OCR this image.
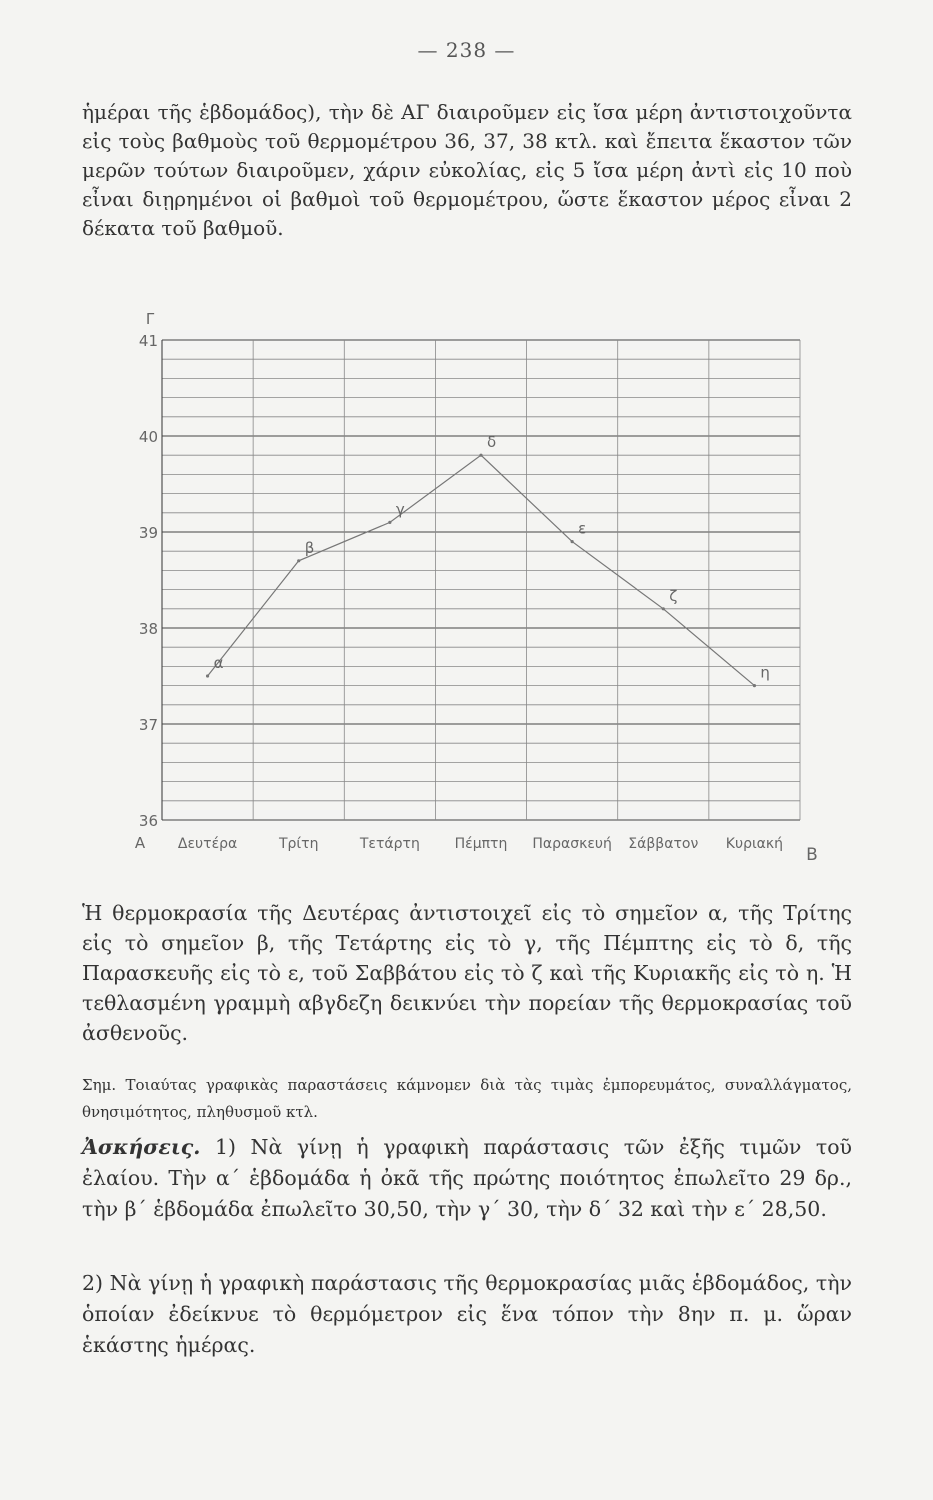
— 238 —
ἡμέραι τῆς ἑβδομάδος), τὴν δὲ ΑΓ διαιροῦμεν εἰς ἴσα μέρη ἀντιστοιχοῦντα εἰς τοὺς βαθμοὺς τοῦ θερμομέτρου 36, 37, 38 κτλ. καὶ ἔπειτα ἕκαστον τῶν μερῶν τούτων διαιροῦμεν, χάριν εὐκολίας, εἰς 5 ἴσα μέρη ἀντὶ εἰς 10 ποὺ εἶναι διῃρημένοι οἱ βαθμοὶ τοῦ θερμομέτρου, ὥστε ἕκαστον μέρος εἶναι 2 δέκατα τοῦ βαθμοῦ.
36
37
38
39
40
41
Γ
Α
Β
Δευτέρα	Τρίτη	Τετάρτη Πέμπτη Παρασκευή Σάββατον Κυριακή
α
β
γ
δ
ε
ζ
η
Ἡ θερμοκρασία τῆς Δευτέρας ἀντιστοιχεῖ εἰς τὸ σημεῖον α, τῆς Τρίτης εἰς τὸ σημεῖον β, τῆς Τετάρτης εἰς τὸ γ, τῆς Πέμπτης εἰς τὸ δ, τῆς Παρασκευῆς εἰς τὸ ε, τοῦ Σαββάτου εἰς τὸ ζ καὶ τῆς Κυριακῆς εἰς τὸ η. Ἡ τεθλασμένη γραμμὴ αβγδεζη δεικνύει τὴν πορείαν τῆς θερμοκρασίας τοῦ ἀσθενοῦς.
Σημ. Τοιαύτας γραφικὰς παραστάσεις κάμνομεν διὰ τὰς τιμὰς ἐμπορευμάτος, συναλλάγματος, θνησιμότητος, πληθυσμοῦ κτλ.
Ἀσκήσεις. 1) Νὰ γίνῃ ἡ γραφικὴ παράστασις τῶν ἐξῆς τιμῶν τοῦ ἐλαίου. Τὴν α΄ ἑβδομάδα ἡ ὀκᾶ τῆς πρώτης ποιότητος ἐπωλεῖτο 29 δρ., τὴν β΄ ἑβδομάδα ἐπωλεῖτο 30,50, τὴν γ΄ 30, τὴν δ΄ 32 καὶ τὴν ε΄ 28,50.
2) Νὰ γίνῃ ἡ γραφικὴ παράστασις τῆς θερμοκρασίας μιᾶς ἑβδομάδος, τὴν ὁποίαν ἐδείκνυε τὸ θερμόμετρον εἰς ἕνα τόπον τὴν 8ην π. μ. ὥραν ἑκάστης ἡμέρας.
